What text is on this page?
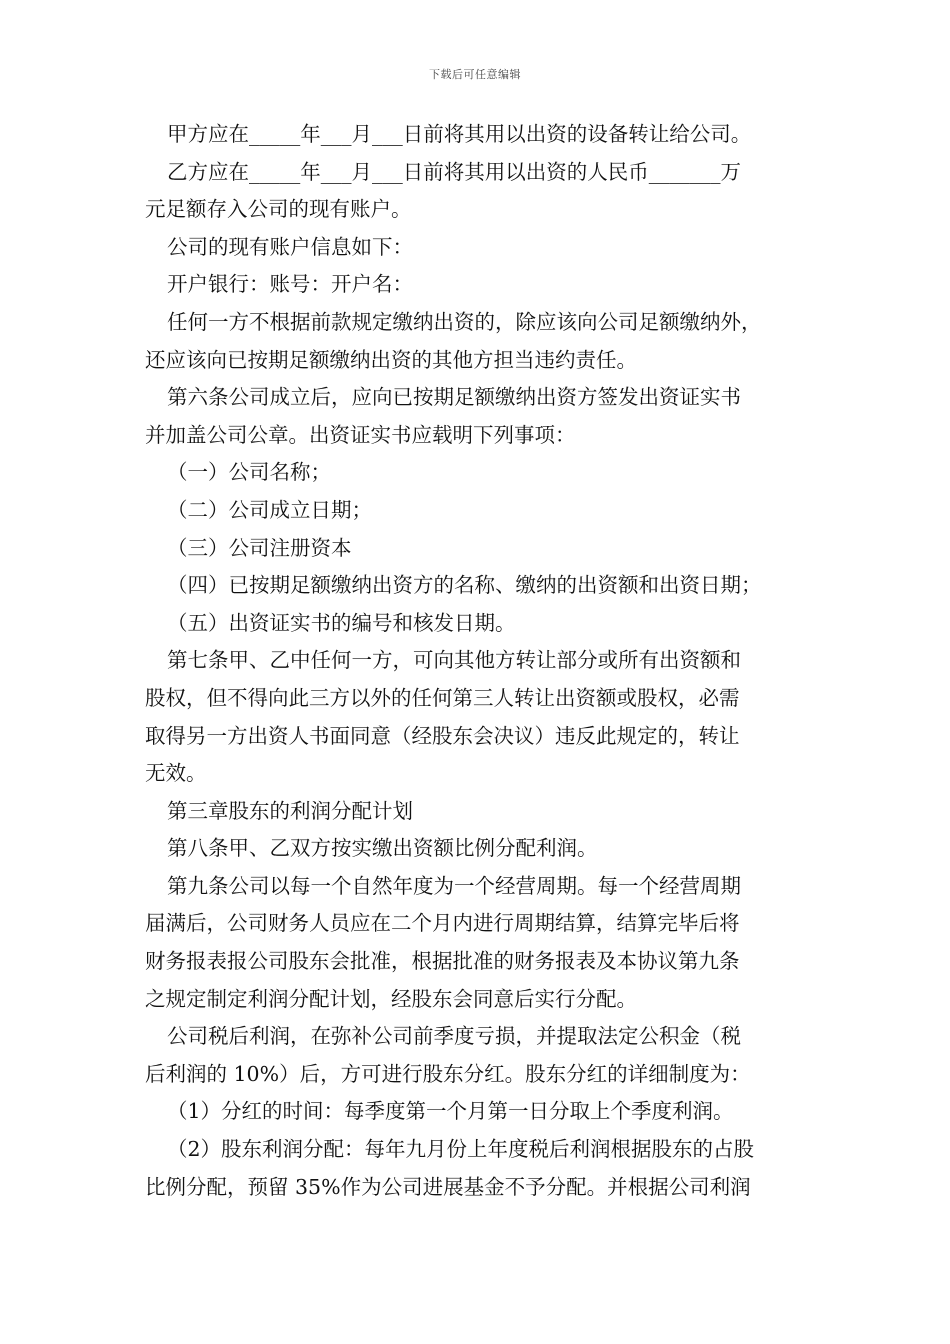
下载后可任意编辑

甲方应在_____年___月___日前将其用以出资的设备转让给公司。

乙方应在_____年___月___日前将其用以出资的人民币_______万

元足额存入公司的现有账户。

公司的现有账户信息如下：

开户银行：账号：开户名：

任何一方不根据前款规定缴纳出资的，除应该向公司足额缴纳外，

还应该向已按期足额缴纳出资的其他方担当违约责任。

第六条公司成立后，应向已按期足额缴纳出资方签发出资证实书

并加盖公司公章。出资证实书应载明下列事项：

（一）公司名称；

（二）公司成立日期；

（三）公司注册资本

（四）已按期足额缴纳出资方的名称、缴纳的出资额和出资日期；

（五）出资证实书的编号和核发日期。

第七条甲、乙中任何一方，可向其他方转让部分或所有出资额和

股权，但不得向此三方以外的任何第三人转让出资额或股权，必需

取得另一方出资人书面同意（经股东会决议）违反此规定的，转让

无效。

第三章股东的利润分配计划

第八条甲、乙双方按实缴出资额比例分配利润。

第九条公司以每一个自然年度为一个经营周期。每一个经营周期

届满后，公司财务人员应在二个月内进行周期结算，结算完毕后将

财务报表报公司股东会批准，根据批准的财务报表及本协议第九条

之规定制定利润分配计划，经股东会同意后实行分配。

公司税后利润，在弥补公司前季度亏损，并提取法定公积金（税

后利润的 10%）后，方可进行股东分红。股东分红的详细制度为：

（1）分红的时间：每季度第一个月第一日分取上个季度利润。

（2）股东利润分配：每年九月份上年度税后利润根据股东的占股

比例分配，预留 35%作为公司进展基金不予分配。并根据公司利润
